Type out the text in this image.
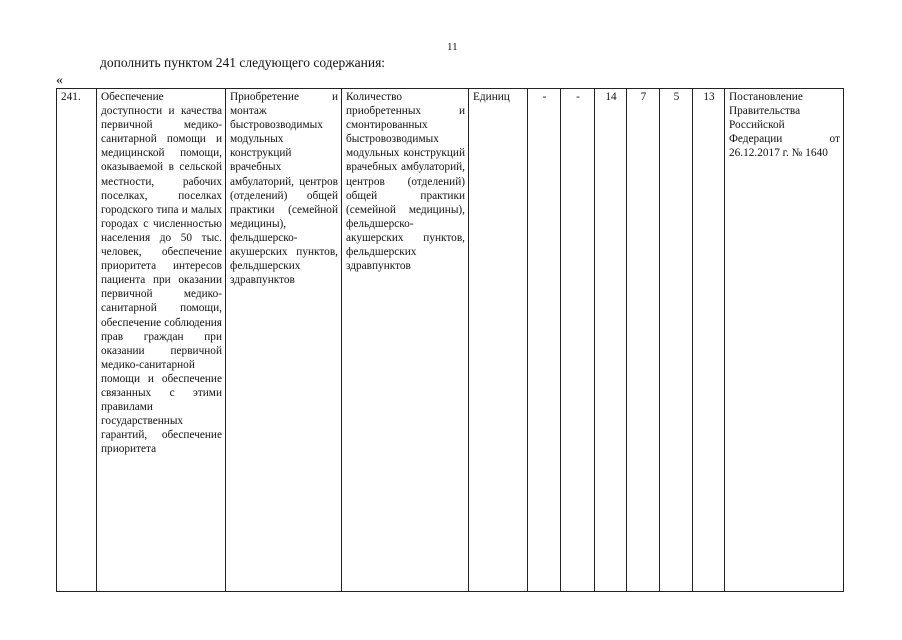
11
дополнить пунктом 241 следующего содержания:
«
241.	Обеспечение доступности и качества первичной медико-санитарной помощи и медицинской помощи, оказываемой в сельской местности, рабочих поселках, поселках городского типа и малых городах с численностью населения до 50 тыс. человек, обеспечение приоритета интересов пациента при оказании первичной медико-санитарной помощи, обеспечение соблюдения прав граждан при оказании первичной медико-санитарной помощи и обеспечение связанных с этими правилами государственных гарантий, обеспечение приоритета	Приобретение и монтаж быстровозводимых модульных конструкций врачебных амбулаторий, центров (отделений) общей практики (семейной медицины), фельдшерско-акушерских пунктов, фельдшерских здравпунктов	Количество приобретенных и смонтированных быстровозводимых модульных конструкций врачебных амбулаторий, центров (отделений) общей практики (семейной медицины), фельдшерско-акушерских пунктов, фельдшерских здравпунктов	Единиц	-	-	14	7	5	13	Постановление Правительства Российской Федерации от 26.12.2017 г. № 1640
